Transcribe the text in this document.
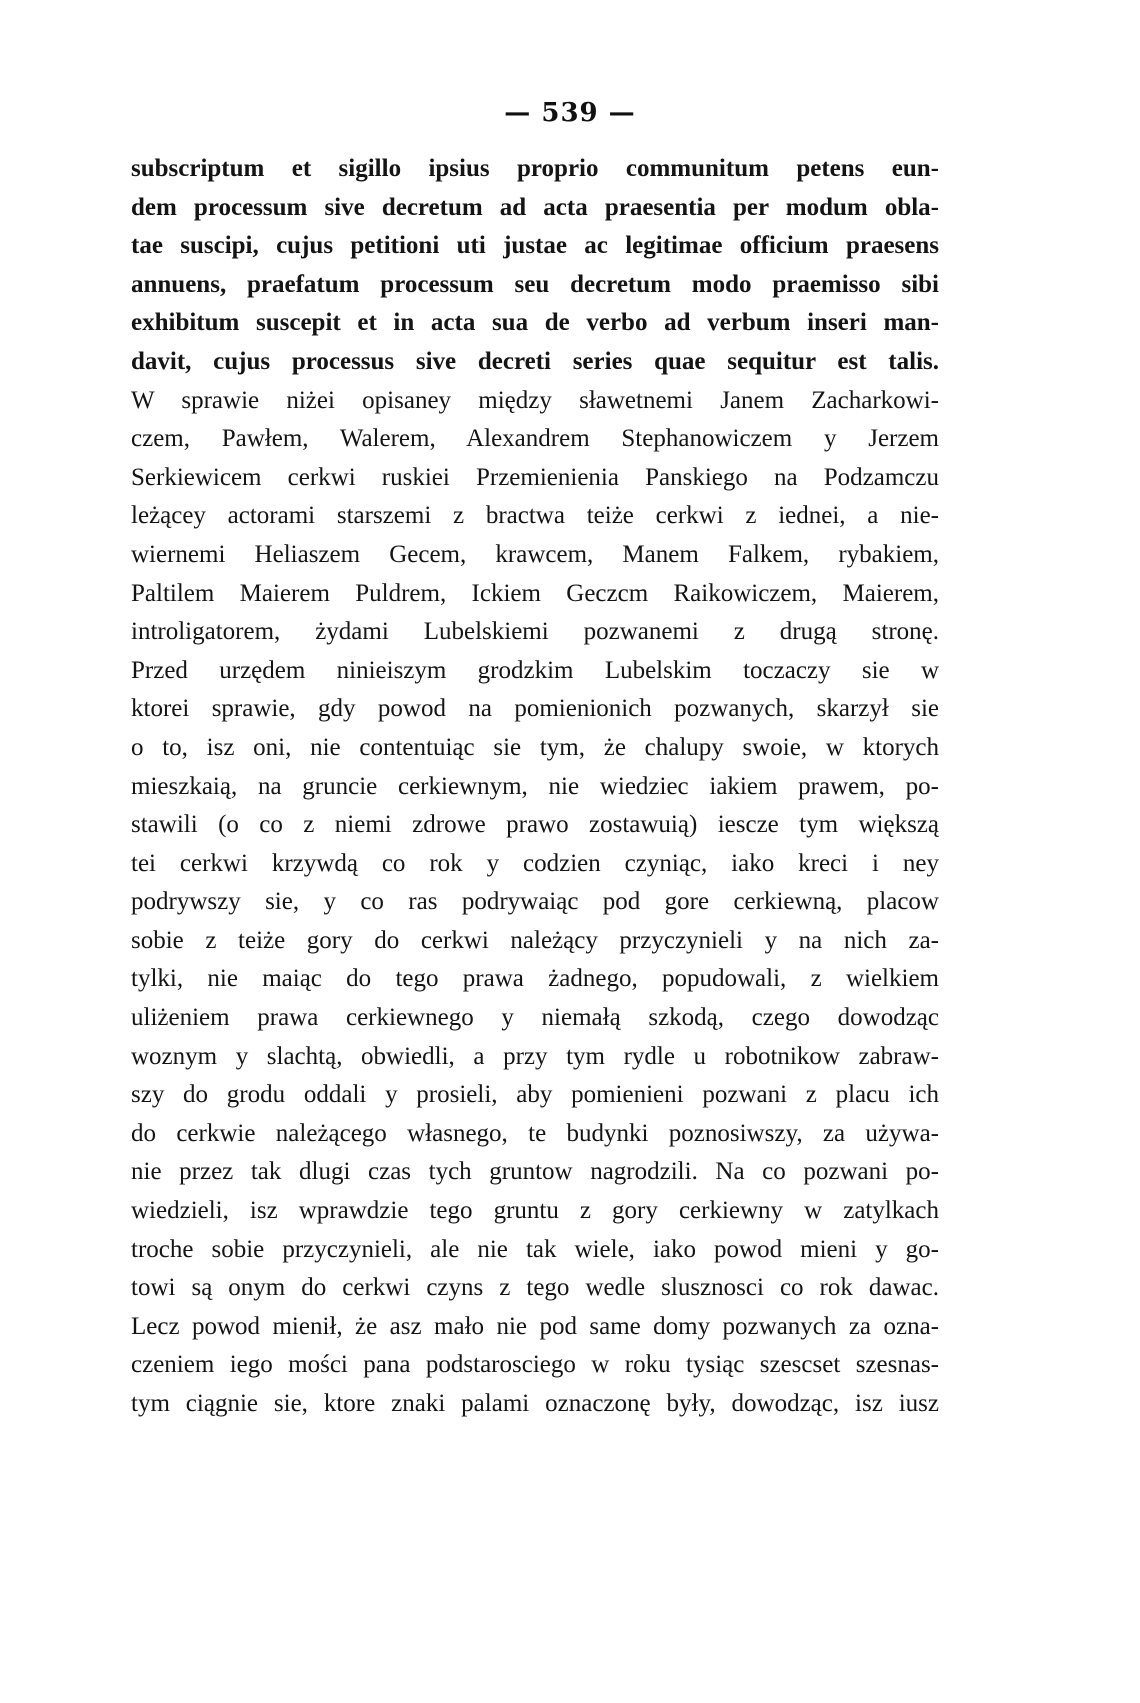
— 539 —
subscriptum et sigillo ipsius proprio communitum petens eun-
dem processum sive decretum ad acta praesentia per modum obla-
tae suscipi, cujus petitioni uti justae ac legitimae officium praesens
annuens, praefatum processum seu decretum modo praemisso sibi
exhibitum suscepit et in acta sua de verbo ad verbum inseri man-
davit, cujus processus sive decreti series quae sequitur est talis.
W sprawie niżei opisaney między sławetnemi Janem Zacharkowi-
czem, Pawłem, Walerem, Alexandrem Stephanowiczem y Jerzem
Serkiewicem cerkwi ruskiei Przemienienia Panskiego na Podzamczu
leżącey actorami starszemi z bractwa teiże cerkwi z iednei, a nie-
wiernemi Heliaszem Gecem, krawcem, Manem Falkem, rybakiem,
Paltilem Maierem Puldrem, Ickiem Geczcm Raikowiczem, Maierem,
introligatorem, żydami Lubelskiemi pozwanemi z drugą stronę.
Przed urzędem ninieiszym grodzkim Lubelskim toczaczy sie w
ktorei sprawie, gdy powod na pomienionich pozwanych, skarzył sie
o to, isz oni, nie contentuiąc sie tym, że chalupy swoie, w ktorych
mieszkaią, na gruncie cerkiewnym, nie wiedziec iakiem prawem, po-
stawili (o co z niemi zdrowe prawo zostawuią) iescze tym większą
tei cerkwi krzywdą co rok y codzien czyniąc, iako kreci i ney
podrywszy sie, y co ras podrywaiąc pod gore cerkiewną, placow
sobie z teiże gory do cerkwi należący przyczynieli y na nich za-
tylki, nie maiąc do tego prawa żadnego, popudowali, z wielkiem
uliżeniem prawa cerkiewnego y niemałą szkodą, czego dowodząc
woznym y slachtą, obwiedli, a przy tym rydle u robotnikow zabraw-
szy do grodu oddali y prosieli, aby pomienieni pozwani z placu ich
do cerkwie należącego własnego, te budynki poznosiwszy, za używa-
nie przez tak dlugi czas tych gruntow nagrodzili. Na co pozwani po-
wiedzieli, isz wprawdzie tego gruntu z gory cerkiewny w zatylkach
troche sobie przyczynieli, ale nie tak wiele, iako powod mieni y go-
towi są onym do cerkwi czyns z tego wedle slusznosci co rok dawac.
Lecz powod mienił, że asz mało nie pod same domy pozwanych za ozna-
czeniem iego mości pana podstarosciego w roku tysiąc szescset szesnas-
tym ciągnie sie, ktore znaki palami oznaczonę były, dowodząc, isz iusz
